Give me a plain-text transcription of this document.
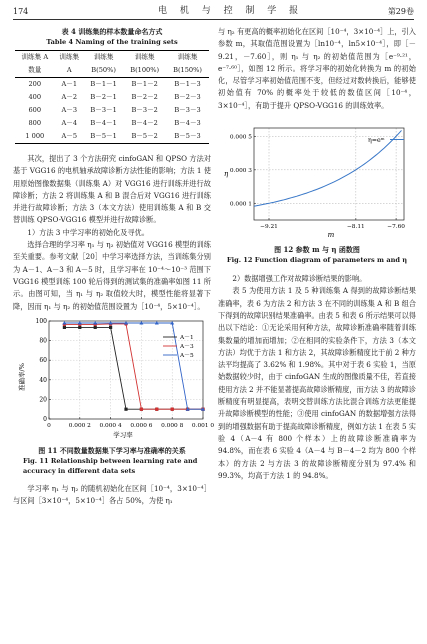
174	电 机 与 控 制 学 报	第29卷
表 4 训练集的样本数量命名方式
Table 4 Naming of the training sets
训练集 A	训练集	训练集	训练集	训练集
数量	A	B(50%)	B(100%)	B(150%)
200	A－1	B－1－1	B－1－2	B－1－3
400	A－2	B－2－1	B－2－2	B－2－3
600	A－3	B－3－1	B－3－2	B－3－3
800	A－4	B－4－1	B－4－2	B－4－3
1 000	A－5	B－5－1	B－5－2	B－5－3

其次，提出了 3 个方法研究 cinfoGAN 和 QPSO 方法对基于 VGG16 的电机轴承故障诊断方法性能的影响；方法 1 使用原始图像数据集（训练集 A）对 VGG16 进行训练并进行故障诊断；方法 2 将训练集 A 和 B 混合后对 VGG16 进行训练并进行故障诊断；方法 3（本文方法）使用训练集 A 和 B 交替训练 QPSO-VGG16 模型并进行故障诊断。

1）方法 3 中学习率的初始化及寻优。

选择合理的学习率 η₁ 与 η₂ 初始值对 VGG16 模型的训练至关重要。参考文献［20］中学习率选择方法，当训练集分别为 A－1、A－3 和 A－5 时，且学习率在 10⁻⁴～10⁻³ 范围下 VGG16 模型训练 100 轮后得到的测试集的准确率如图 11 所示。由图可知，当 η₁ 与 η₂ 取值较大时，模型性能将显著下降，因而 η₁ 与 η₂ 的初始值范围设置为［10⁻⁴，5×10⁻⁴］。

0
20
40
60
80
100
0	0.000 2 0.000 4 0.000 6 0.000 8 0.001 0
A－1
A－3
A－5
准确率/%
学习率
图 11 不同数量数据集下学习率与准确率的关系
Fig. 11 Relationship between learning rate and accuracy in different data sets

学习率 η₁ 与 η₂ 的随机初始化在区间［10⁻⁴，3×10⁻⁴］与区间［3×10⁻⁴，5×10⁻⁴］各占 50%，为使 η₁

与 η₂ 有更高的概率初始化在区间［10⁻⁴，3×10⁻⁴］上，引入参数 m，其取值范围设置为［ln10⁻⁴，ln5×10⁻⁴］，即［－9.21，－7.60］，则 η₁ 与 η₂ 的初始值范围为［e⁻⁹·²¹，e⁻⁷·⁶⁰］，如图 12 所示。将学习率的初始化转换为 m 的初始化，尽管学习率初始值范围不变，但经过对数转换后，能够使初始值有 70% 的概率处于较低的数值区间［10⁻⁴，3×10⁻⁴］，有助于提升 QPSO-VGG16 的训练效率。

0.000 1
0.000 3
0.000 5
−9.21	−8.11	−7.60
η=eᵐ
η
m
图 12 参数 m 与 η 函数图
Fig. 12 Function diagram of parameters m and η

2）数据增强工作对故障诊断结果的影响。

表 5 为使用方法 1 及 5 种训练集 A 得到的故障诊断结果准确率，表 6 为方法 2 和方法 3 在不同的训练集 A 和 B 组合下得到的故障识别结果准确率。由表 5 和表 6 所示结果可以得出以下结论：①无论采用何种方法，故障诊断准确率随着训练集数量的增加而增加；②在相同的实验条件下，方法 3（本文方法）均优于方法 1 和方法 2，其故障诊断精度比于前 2 种方法平均提高了 3.62% 和 1.98%。其中对于表 6 实验 1，当原始数据较少时，由于 cinfoGAN 生成的图像质量不佳，若直接使用方法 2 并不能显著提高故障诊断精度，而方法 3 的故障诊断精度有明显提高，表明交替训练方法比混合训练方法更能提升故障诊断模型的性能；③使用 cinfoGAN 的数据增强方法得到的增强数据有助于提高故障诊断精度，例如方法 1 在表 5 实验 4（A－4 有 800 个样本）上的故障诊断准确率为 94.8%，而在表 6 实验 4（A－4 与 B－4－2 均为 800 个样本）的方法 2 与方法 3 的故障诊断精度分别为 97.4% 和 99.3%，均高于方法 1 的 94.8%。
